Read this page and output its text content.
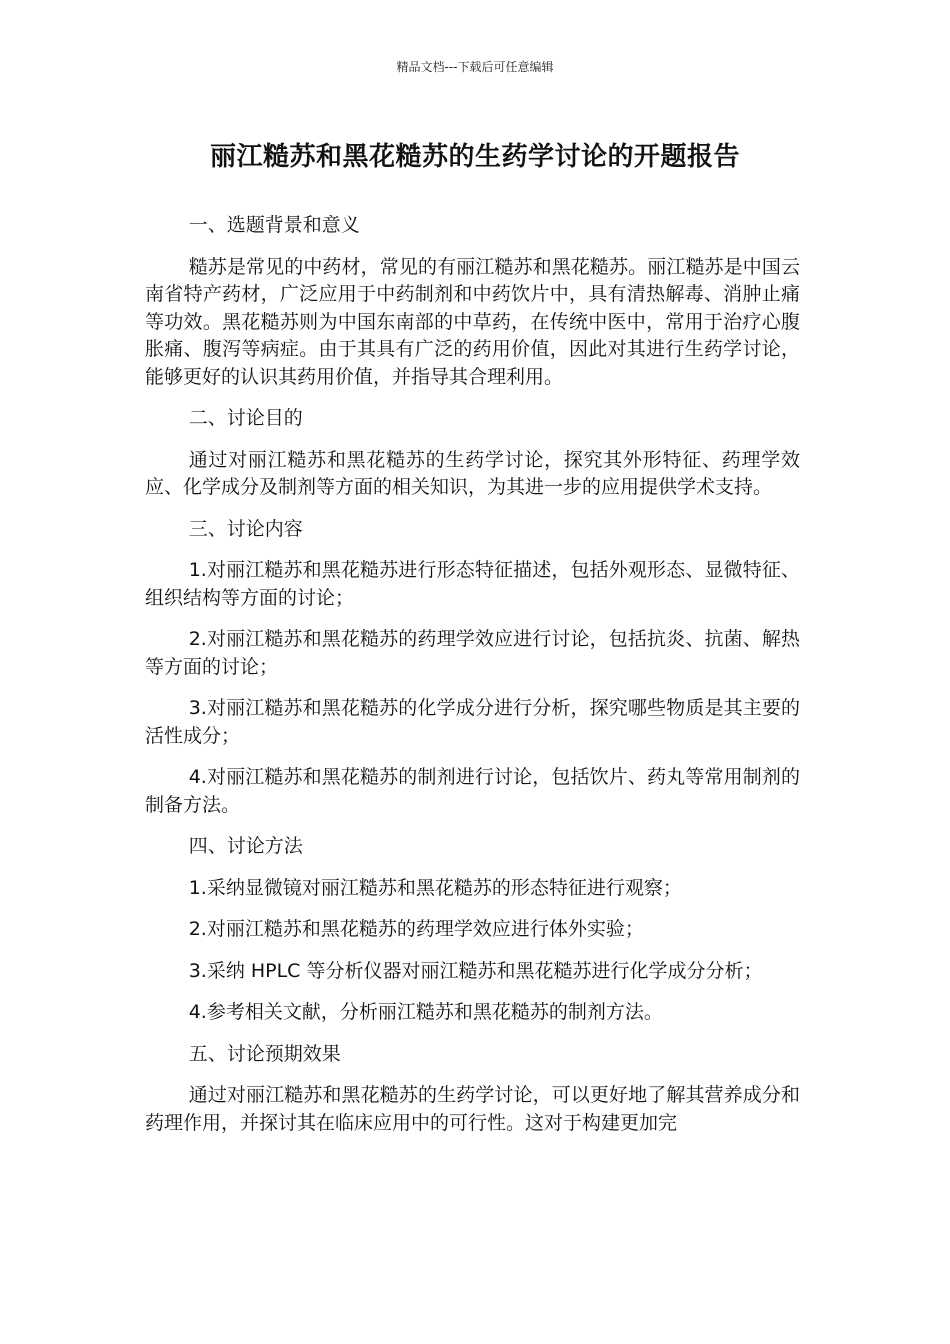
精品文档---下载后可任意编辑
丽江糙苏和黑花糙苏的生药学讨论的开题报告
一、选题背景和意义
糙苏是常见的中药材，常见的有丽江糙苏和黑花糙苏。丽江糙苏是中国云南省特产药材，广泛应用于中药制剂和中药饮片中，具有清热解毒、消肿止痛等功效。黑花糙苏则为中国东南部的中草药，在传统中医中，常用于治疗心腹胀痛、腹泻等病症。由于其具有广泛的药用价值，因此对其进行生药学讨论，能够更好的认识其药用价值，并指导其合理利用。
二、讨论目的
通过对丽江糙苏和黑花糙苏的生药学讨论，探究其外形特征、药理学效应、化学成分及制剂等方面的相关知识，为其进一步的应用提供学术支持。
三、讨论内容
1.对丽江糙苏和黑花糙苏进行形态特征描述，包括外观形态、显微特征、组织结构等方面的讨论；
2.对丽江糙苏和黑花糙苏的药理学效应进行讨论，包括抗炎、抗菌、解热等方面的讨论；
3.对丽江糙苏和黑花糙苏的化学成分进行分析，探究哪些物质是其主要的活性成分；
4.对丽江糙苏和黑花糙苏的制剂进行讨论，包括饮片、药丸等常用制剂的制备方法。
四、讨论方法
1.采纳显微镜对丽江糙苏和黑花糙苏的形态特征进行观察；
2.对丽江糙苏和黑花糙苏的药理学效应进行体外实验；
3.采纳 HPLC 等分析仪器对丽江糙苏和黑花糙苏进行化学成分分析；
4.参考相关文献，分析丽江糙苏和黑花糙苏的制剂方法。
五、讨论预期效果
通过对丽江糙苏和黑花糙苏的生药学讨论，可以更好地了解其营养成分和药理作用，并探讨其在临床应用中的可行性。这对于构建更加完
